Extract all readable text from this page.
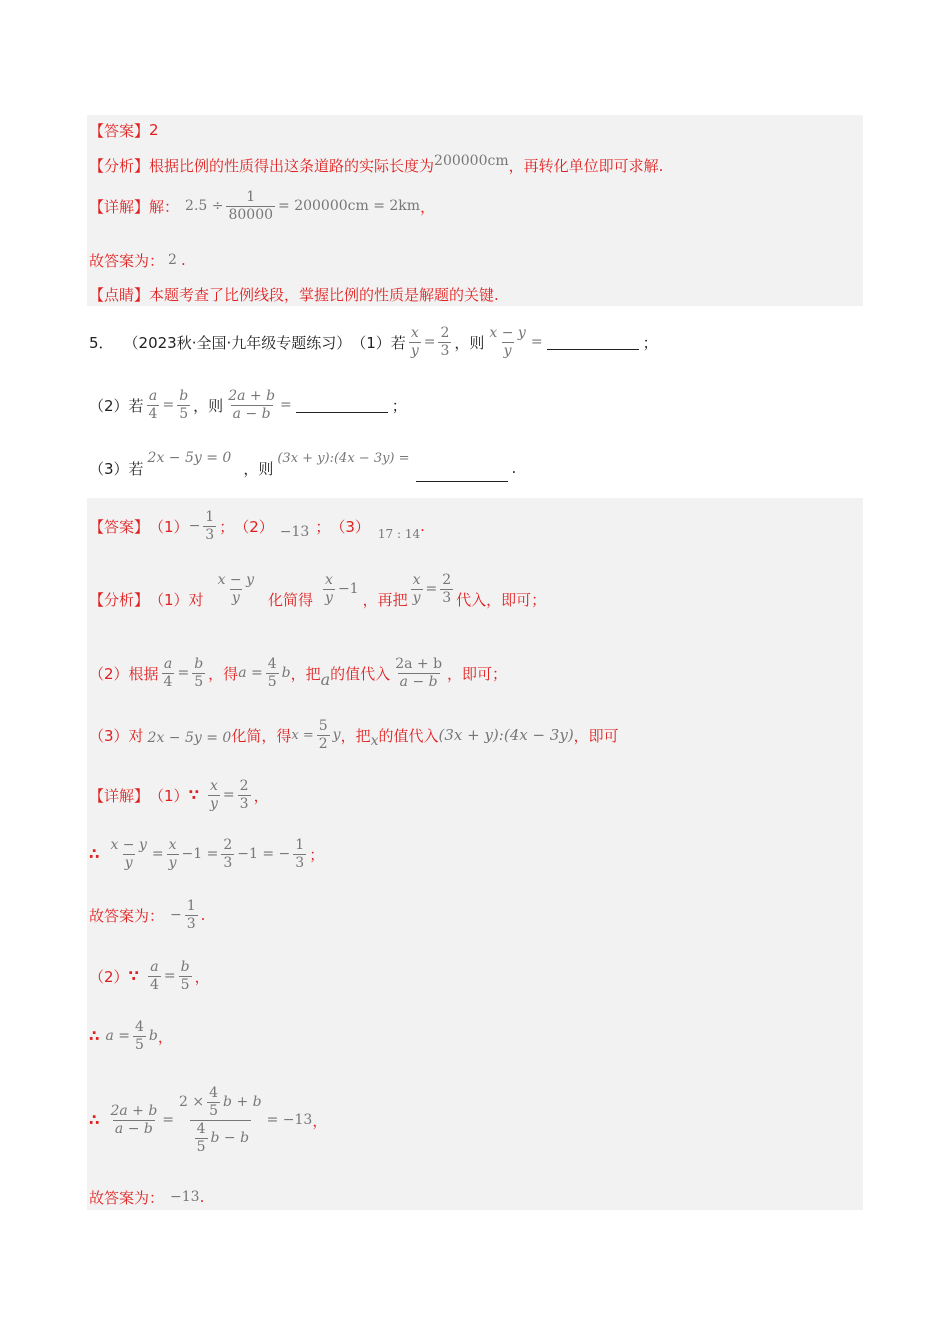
【答案】 2
【分析】 根据比例的性质得出这条道路的实际长度为 200000cm ，再转化单位即可求解.
【详解】 解： $2.5 \div \frac{1}{80000} = 200000cm = 2km$ ，
故答案为： 2 .
【点睛】 本题考查了比例线段，掌握比例的性质是解题的关键.
5． （2023秋·全国·九年级专题练习） （1）若 $\frac{x}{y} = \frac{2}{3}$ ，则 $\frac{x - y}{y}$ =	；
（2）若 $\frac{a}{4} = \frac{b}{5}$ ，则 $\frac{2a + b}{a - b}$ =	；
（3）若
2x − 5y = 0
，则
(3x + y):(4x − 3y) =
.
【答案】 $(1) - \frac{1}{3}$ ； （2） −13 ； （3） 17 : 14 .
【分析】 （1）对 $\frac{x - y}{y}$ 化简得 $\frac{x}{y} -1$
，再把 $\frac{x}{y} = \frac{2}{3}$ 代入，即可；
（2）根据 $\frac{a}{4} = \frac{b}{5}$ ，得 $a = \frac{4}{5}$ b ，把 a 的值代入 $\frac{2a + b}{a - b}$ ，即可；
（3）对 2x − 5y = 0 化简，得 $x = \frac{5}{2}$ y ，把 x 的值代入 (3x + y):(4x − 3y) ，即可
【详解】 （1） ∵ $\frac{x}{y} = \frac{2}{3}$ ，
∴ $\frac{x - y}{y} = \frac{x}{y} -1 = \frac{2}{3} -1$ = − $\frac{1}{3}$ ；
故答案为： − $\frac{1}{3}$ .
（2） ∵ $\frac{a}{4} = \frac{b}{5}$ ，
∴ $a = \frac{4}{5}$ b ，
∴ $\frac{2a + b}{a - b} = \frac{2 \times \frac{4}{5} b + b}{\frac{4}{5} b - b} = -13$ ，
故答案为： −13 .
